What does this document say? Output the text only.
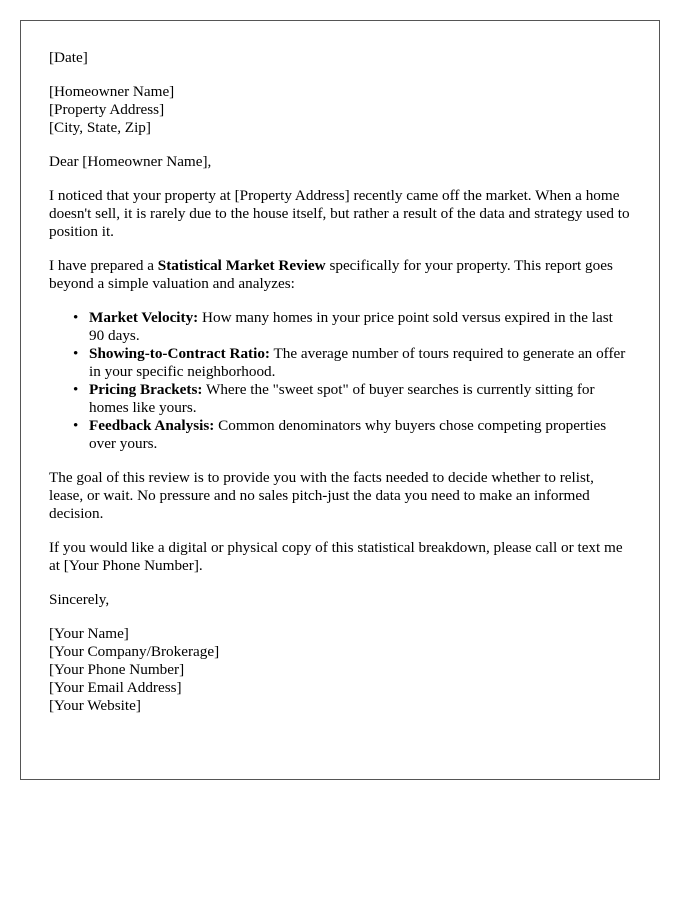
[Date]

[Homeowner Name]
[Property Address]
[City, State, Zip]

Dear [Homeowner Name],

I noticed that your property at [Property Address] recently came off the market. When a home doesn't sell, it is rarely due to the house itself, but rather a result of the data and strategy used to position it.

I have prepared a Statistical Market Review specifically for your property. This report goes beyond a simple valuation and analyzes:

• Market Velocity: How many homes in your price point sold versus expired in the last 90 days.
• Showing-to-Contract Ratio: The average number of tours required to generate an offer in your specific neighborhood.
• Pricing Brackets: Where the "sweet spot" of buyer searches is currently sitting for homes like yours.
• Feedback Analysis: Common denominators why buyers chose competing properties over yours.

The goal of this review is to provide you with the facts needed to decide whether to relist, lease, or wait. No pressure and no sales pitch-just the data you need to make an informed decision.

If you would like a digital or physical copy of this statistical breakdown, please call or text me at [Your Phone Number].

Sincerely,

[Your Name]
[Your Company/Brokerage]
[Your Phone Number]
[Your Email Address]
[Your Website]
